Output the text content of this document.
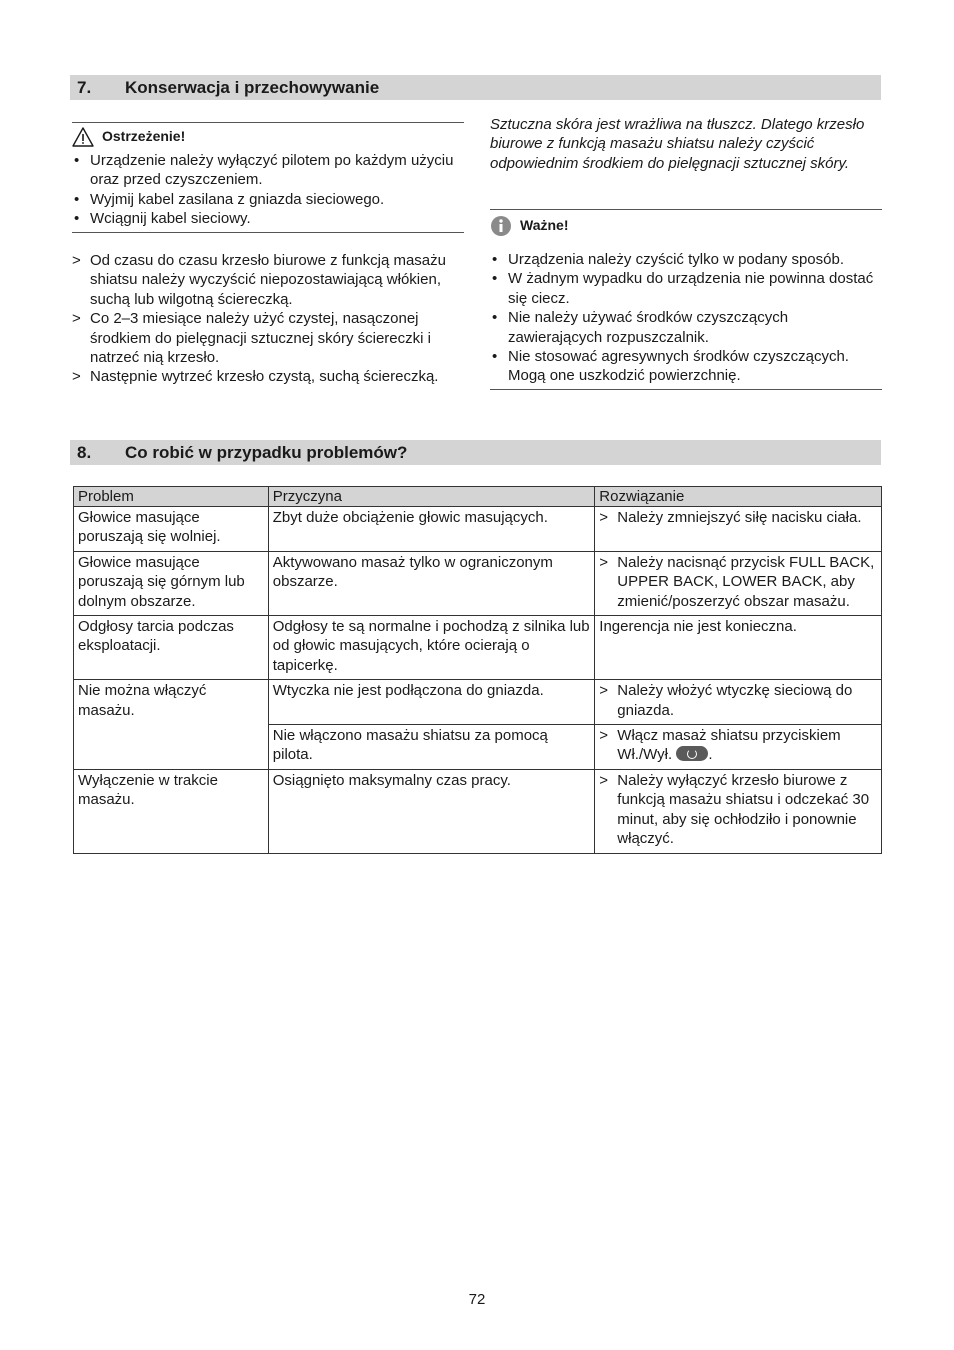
7. Konserwacja i przechowywanie
Ostrzeżenie!
• Urządzenie należy wyłączyć pilotem po każdym użyciu oraz przed czyszczeniem.
• Wyjmij kabel zasilana z gniazda sieciowego.
• Wciągnij kabel sieciowy.
> Od czasu do czasu krzesło biurowe z funkcją masażu shiatsu należy wyczyścić niepozostawiającą włókien, suchą lub wilgotną ściereczką.
> Co 2–3 miesiące należy użyć czystej, nasączonej środkiem do pielęgnacji sztucznej skóry ściereczki i natrzeć nią krzesło.
> Następnie wytrzeć krzesło czystą, suchą ściereczką.
Sztuczna skóra jest wrażliwa na tłuszcz. Dlatego krzesło biurowe z funkcją masażu shiatsu należy czyścić odpowiednim środkiem do pielęgnacji sztucznej skóry.
Ważne!
• Urządzenia należy czyścić tylko w podany sposób.
• W żadnym wypadku do urządzenia nie powinna dostać się ciecz.
• Nie należy używać środków czyszczących zawierających rozpuszczalnik.
• Nie stosować agresywnych środków czyszczących. Mogą one uszkodzić powierzchnię.
8. Co robić w przypadku problemów?
Problem	Przyczyna	Rozwiązanie
Głowice masujące poruszają się wolniej.	Zbyt duże obciążenie głowic masujących.	> Należy zmniejszyć siłę nacisku ciała.

Głowice masujące poruszają się górnym lub dolnym obszarze.	Aktywowano masaż tylko w ograniczonym obszarze.	> Należy nacisnąć przycisk FULL BACK, UPPER BACK, LOWER BACK, aby zmienić/poszerzyć obszar masażu.

Odgłosy tarcia podczas eksploatacji.	Odgłosy te są normalne i pochodzą z silnika lub od głowic masujących, które ocierają o tapicerkę.	Ingerencja nie jest konieczna.
Nie można włączyć masażu.	Wtyczka nie jest podłączona do gniazda.	> Należy włożyć wtyczkę sieciową do gniazda.

	Nie włączono masażu shiatsu za pomocą pilota.	> Włącz masaż shiatsu przyciskiem Wł./Wył. .

Wyłączenie w trakcie masażu.	Osiągnięto maksymalny czas pracy.	> Należy wyłączyć krzesło biurowe z funkcją masażu shiatsu i odczekać 30 minut, aby się ochłodziło i ponownie włączyć.
72
